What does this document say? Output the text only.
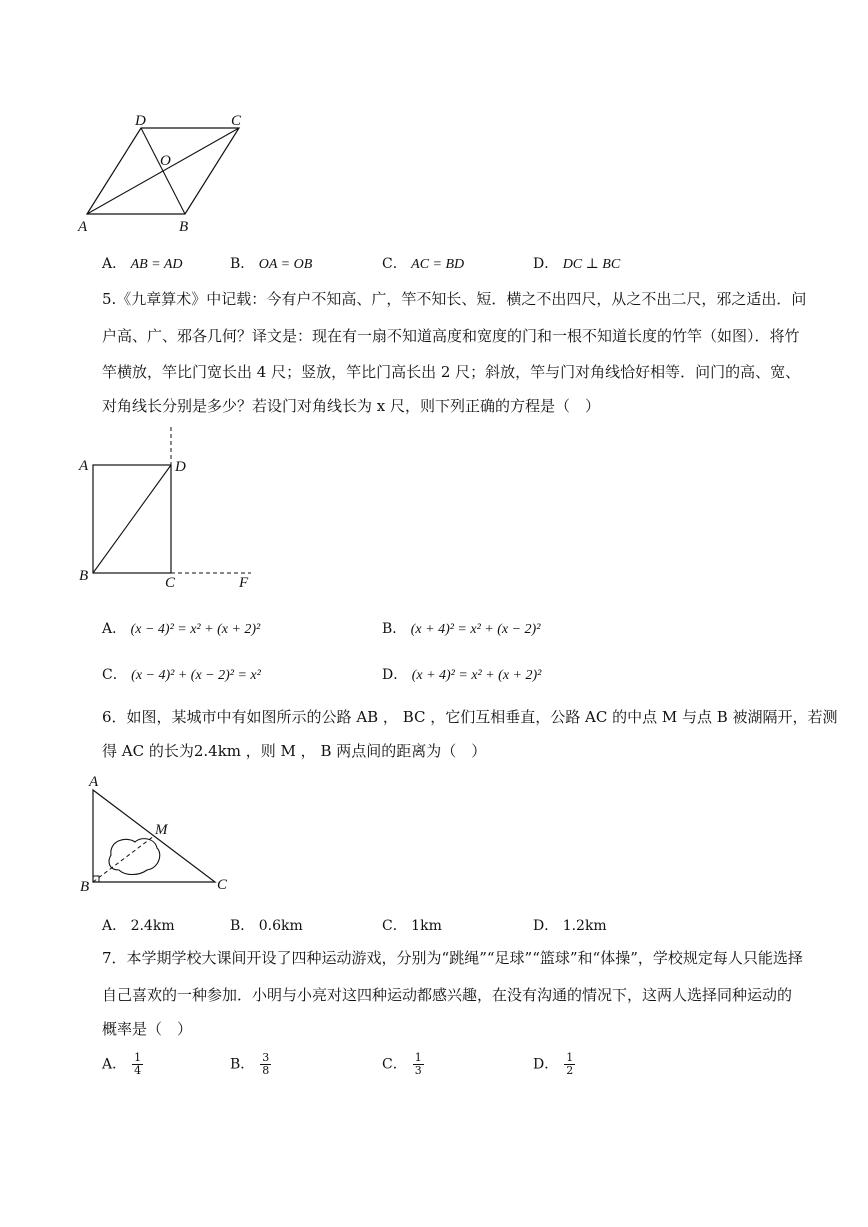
D	C
O
A	B
A． AB = AD	B． OA = OB	C． AC = BD	D． DC ⊥ BC
5.《九章算术》中记载：今有户不知高、广，竿不知长、短．横之不出四尺，从之不出二尺，邪之适出．问
户高、广、邪各几何？译文是：现在有一扇不知道高度和宽度的门和一根不知道长度的竹竿（如图）．将竹
竿横放，竿比门宽长出 4 尺；竖放，竿比门高长出 2 尺；斜放，竿与门对角线恰好相等．问门的高、宽、
对角线长分别是多少？若设门对角线长为 x 尺，则下列正确的方程是（　）
A	D
B	C	F
A． (x − 4)² = x² + (x + 2)²	B． (x + 4)² = x² + (x − 2)²
C． (x − 4)² + (x − 2)² = x²	D． (x + 4)² = x² + (x + 2)²
6．如图，某城市中有如图所示的公路 AB ， BC ，它们互相垂直，公路 AC 的中点 M 与点 B 被湖隔开，若测
得 AC 的长为2.4km ，则 M ， B 两点间的距离为（　）
A
M
B	C
A． 2.4km	B． 0.6km	C． 1km	D． 1.2km
7．本学期学校大课间开设了四种运动游戏，分别为“跳绳”“足球”“篮球”和“体操”，学校规定每人只能选择
自己喜欢的一种参加．小明与小亮对这四种运动都感兴趣，在没有沟通的情况下，这两人选择同种运动的
概率是（　）
A． $\frac{1}{4}$	B． $\frac{3}{8}$	C． $\frac{1}{3}$	D． $\frac{1}{2}$
